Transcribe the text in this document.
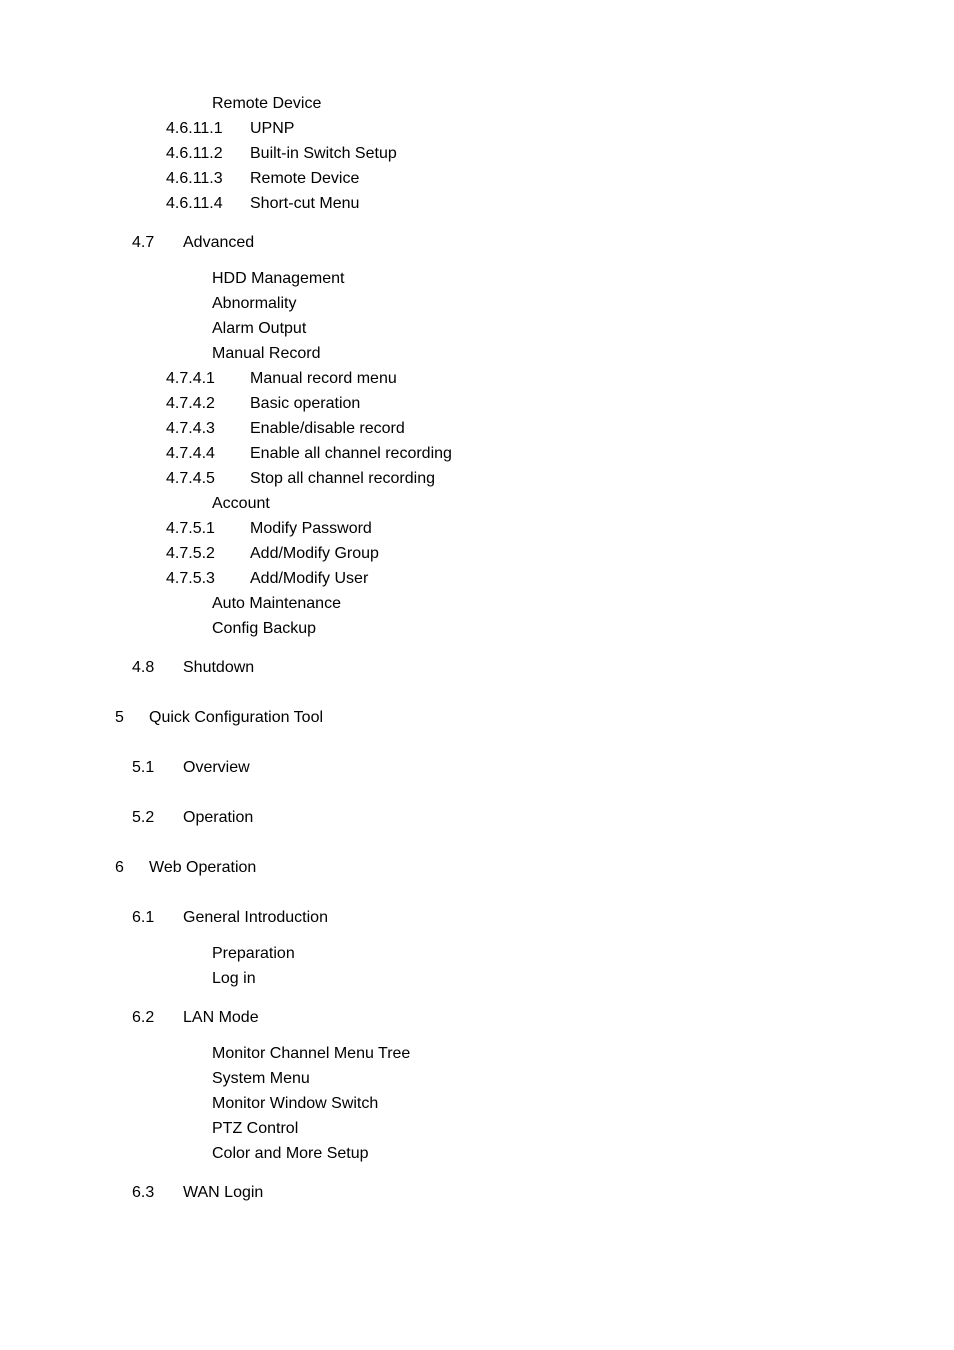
Remote Device
4.6.11.1 UPNP
4.6.11.2 Built-in Switch Setup
4.6.11.3 Remote Device
4.6.11.4 Short-cut Menu
4.7 Advanced
HDD Management
Abnormality
Alarm Output
Manual Record
4.7.4.1 Manual record menu
4.7.4.2 Basic operation
4.7.4.3 Enable/disable record
4.7.4.4 Enable all channel recording
4.7.4.5 Stop all channel recording
Account
4.7.5.1 Modify Password
4.7.5.2 Add/Modify Group
4.7.5.3 Add/Modify User
Auto Maintenance
Config Backup
4.8 Shutdown
5 Quick Configuration Tool
5.1 Overview
5.2 Operation
6 Web Operation
6.1 General Introduction
Preparation
Log in
6.2 LAN Mode
Monitor Channel Menu Tree
System Menu
Monitor Window Switch
PTZ Control
Color and More Setup
6.3 WAN Login
